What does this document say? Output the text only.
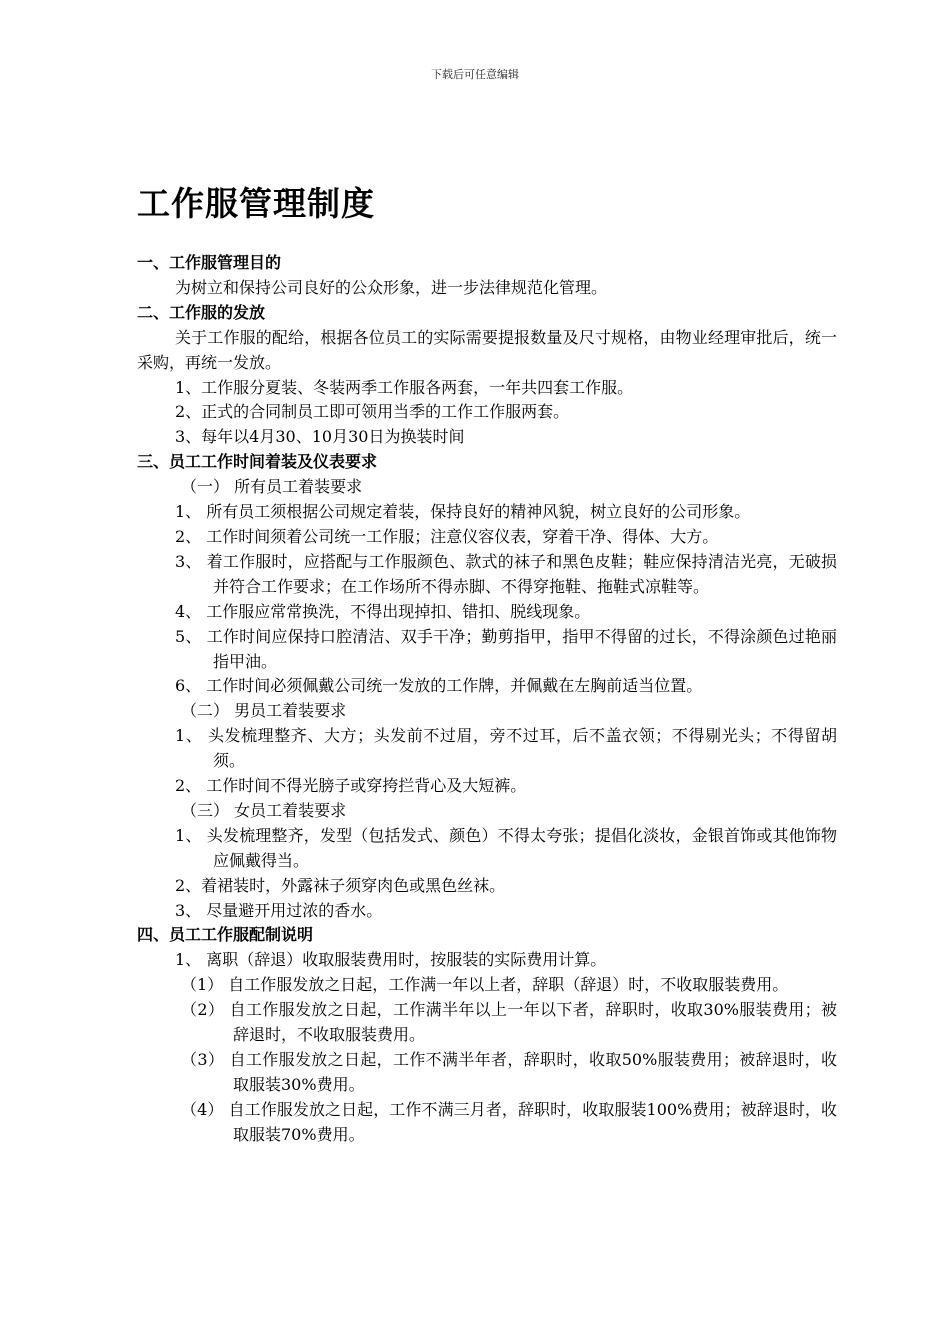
下载后可任意编辑
工作服管理制度
一、工作服管理目的
为树立和保持公司良好的公众形象，进一步法律规范化管理。
二、工作服的发放
关于工作服的配给，根据各位员工的实际需要提报数量及尺寸规格，由物业经理审批后，统一采购，再统一发放。
1、工作服分夏装、冬装两季工作服各两套，一年共四套工作服。
2、正式的合同制员工即可领用当季的工作工作服两套。
3、每年以4月30、10月30日为换装时间
三、员工工作时间着装及仪表要求
（一） 所有员工着装要求
1、 所有员工须根据公司规定着装，保持良好的精神风貌，树立良好的公司形象。
2、 工作时间须着公司统一工作服；注意仪容仪表，穿着干净、得体、大方。
3、 着工作服时，应搭配与工作服颜色、款式的袜子和黑色皮鞋；鞋应保持清洁光亮，无破损并符合工作要求；在工作场所不得赤脚、不得穿拖鞋、拖鞋式凉鞋等。
4、 工作服应常常换洗，不得出现掉扣、错扣、脱线现象。
5、 工作时间应保持口腔清洁、双手干净；勤剪指甲，指甲不得留的过长，不得涂颜色过艳丽指甲油。
6、 工作时间必须佩戴公司统一发放的工作牌，并佩戴在左胸前适当位置。
（二） 男员工着装要求
1、 头发梳理整齐、大方；头发前不过眉，旁不过耳，后不盖衣领；不得剔光头；不得留胡须。
2、 工作时间不得光膀子或穿挎拦背心及大短裤。
（三） 女员工着装要求
1、 头发梳理整齐，发型（包括发式、颜色）不得太夸张；提倡化淡妆，金银首饰或其他饰物应佩戴得当。
2、着裙装时，外露袜子须穿肉色或黑色丝袜。
3、 尽量避开用过浓的香水。
四、员工工作服配制说明
1、 离职（辞退）收取服装费用时，按服装的实际费用计算。
（1） 自工作服发放之日起，工作满一年以上者，辞职（辞退）时，不收取服装费用。
（2） 自工作服发放之日起，工作满半年以上一年以下者，辞职时，收取30%服装费用；被辞退时，不收取服装费用。
（3） 自工作服发放之日起，工作不满半年者，辞职时，收取50%服装费用；被辞退时，收取服装30%费用。
（4） 自工作服发放之日起，工作不满三月者，辞职时，收取服装100%费用；被辞退时，收取服装70%费用。
